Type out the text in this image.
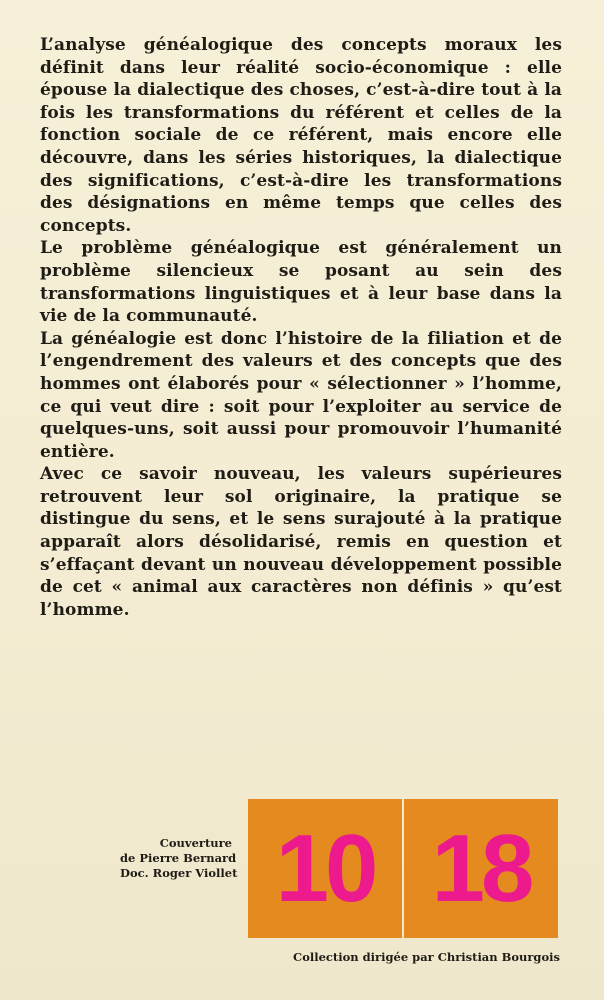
L’analyse généalogique des concepts moraux les définit dans leur réalité socio-économique : elle épouse la dialectique des choses, c’est-à-dire tout à la fois les transformations du référent et celles de la fonction sociale de ce référent, mais encore elle découvre, dans les séries historiques, la dialectique des significations, c’est-à-dire les transformations des désignations en même temps que celles des concepts.

Le problème généalogique est généralement un problème silencieux se posant au sein des transformations linguistiques et à leur base dans la vie de la communauté.

La généalogie est donc l’histoire de la filiation et de l’engendrement des valeurs et des concepts que des hommes ont élaborés pour « sélectionner » l’homme, ce qui veut dire : soit pour l’exploiter au service de quelques-uns, soit aussi pour promouvoir l’humanité entière.

Avec ce savoir nouveau, les valeurs supérieures retrouvent leur sol originaire, la pratique se distingue du sens, et le sens surajouté à la pratique apparaît alors désolidarisé, remis en question et s’effaçant devant un nouveau développement possible de cet « animal aux caractères non définis » qu’est l’homme.

Couverture
de Pierre Bernard
Doc. Roger Viollet 10 18
Collection dirigée par Christian Bourgois
